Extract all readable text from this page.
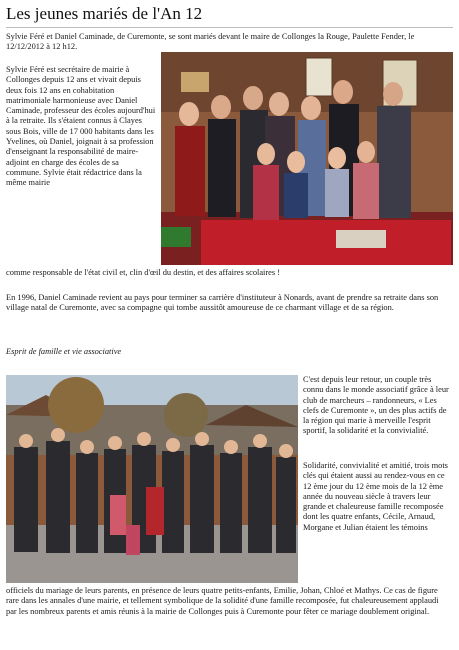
Les jeunes mariés de l'An 12
Sylvie Féré et Daniel Caminade, de Curemonte, se sont mariés devant le maire de Collonges la Rouge, Paulette Fender, le 12/12/2012 à 12 h12.
Sylvie Féré est secrétaire de mairie à Collonges depuis 12 ans et vivait depuis deux fois 12 ans en cohabitation matrimoniale harmonieuse avec Daniel Caminade, professeur des écoles aujourd'hui à la retraite. Ils s'étaient connus à Clayes sous Bois, ville de 17 000 habitants dans les Yvelines, où Daniel, joignait à sa profession d'enseignant la responsabilité de maire-adjoint en charge des écoles de sa commune. Sylvie était rédactrice dans la même mairie
comme responsable de l'état civil et, clin d'œil du destin, et des affaires scolaires !
En 1996, Daniel Caminade revient au pays pour terminer sa carrière d'instituteur à Nonards, avant de prendre sa retraite dans son village natal de Curemonte, avec sa compagne qui tombe aussitôt amoureuse de ce charmant village et de sa région.
Esprit de famille et vie associative
C'est depuis leur retour, un couple très connu dans le monde associatif grâce à leur club de marcheurs – randonneurs, « Les clefs de Curemonte », un des plus actifs de la région qui marie à merveille l'esprit sportif, la solidarité et la convivialité.
Solidarité, convivialité et amitié, trois mots clés qui étaient aussi au rendez-vous en ce 12 ème jour du 12 ème mois de la 12 ème année du nouveau siècle à travers leur grande et chaleureuse famille recomposée dont les quatre enfants, Cécile, Arnaud, Morgane et Julian étaient les témoins
officiels du mariage de leurs parents, en présence de leurs quatre petits-enfants, Emilie, Johan, Chloé et Mathys. Ce cas de figure rare dans les annales d'une mairie, et tellement symbolique de la solidité d'une famille recomposée, fut chaleureusement applaudi par les nombreux parents et amis réunis à la mairie de Collonges puis à Curemonte pour fêter ce mariage doublement original.
